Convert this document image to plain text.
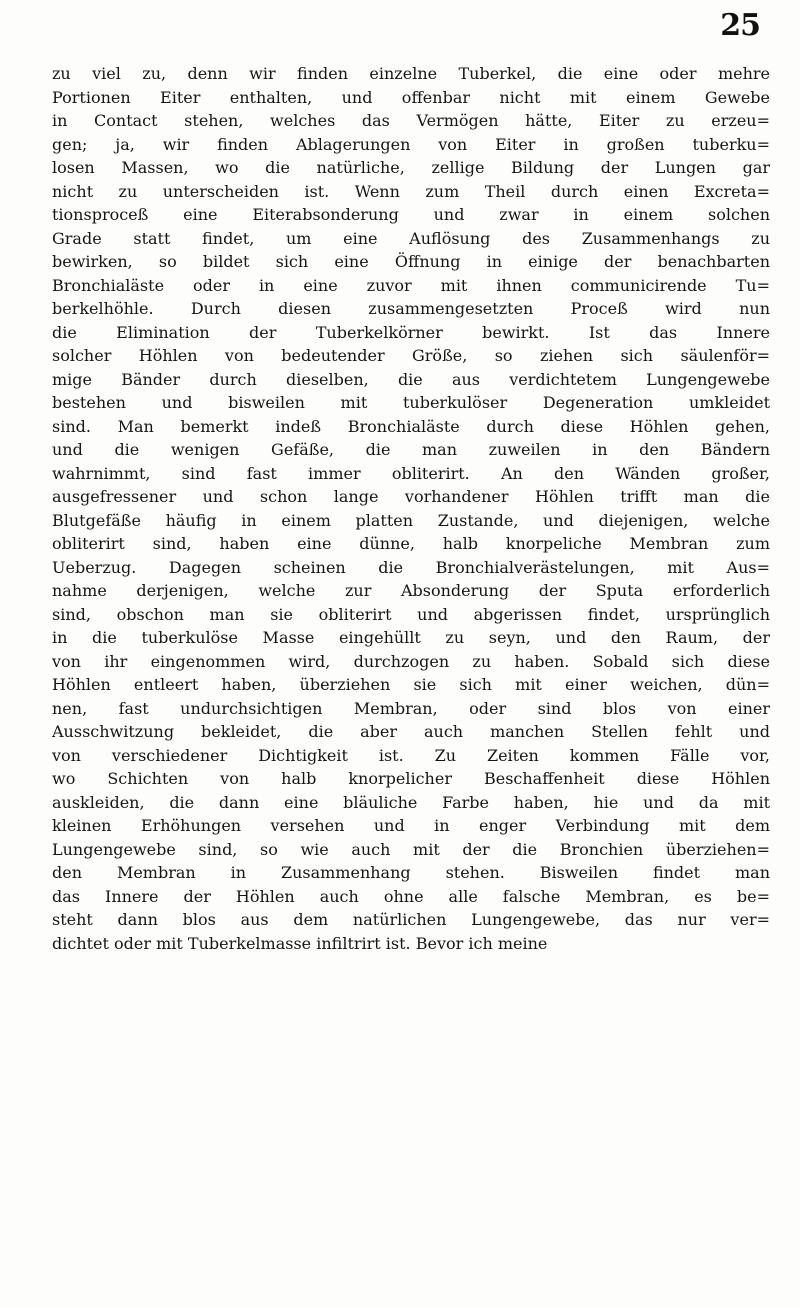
25
zu viel zu, denn wir finden einzelne Tuberkel, die eine oder mehre
Portionen Eiter enthalten, und offenbar nicht mit einem Gewebe
in Contact stehen, welches das Vermögen hätte, Eiter zu erzeu=
gen; ja, wir finden Ablagerungen von Eiter in großen tuberku=
losen Massen, wo die natürliche, zellige Bildung der Lungen gar
nicht zu unterscheiden ist. Wenn zum Theil durch einen Excreta=
tionsproceß eine Eiterabsonderung und zwar in einem solchen
Grade statt findet, um eine Auflösung des Zusammenhangs zu
bewirken, so bildet sich eine Öffnung in einige der benachbarten
Bronchialäste oder in eine zuvor mit ihnen communicirende Tu=
berkelhöhle. Durch diesen zusammengesetzten Proceß wird nun
die Elimination der Tuberkelkörner bewirkt. Ist das Innere
solcher Höhlen von bedeutender Größe, so ziehen sich säulenför=
mige Bänder durch dieselben, die aus verdichtetem Lungengewebe
bestehen und bisweilen mit tuberkulöser Degeneration umkleidet
sind. Man bemerkt indeß Bronchialäste durch diese Höhlen gehen,
und die wenigen Gefäße, die man zuweilen in den Bändern
wahrnimmt, sind fast immer obliterirt. An den Wänden großer,
ausgefressener und schon lange vorhandener Höhlen trifft man die
Blutgefäße häufig in einem platten Zustande, und diejenigen, welche
obliterirt sind, haben eine dünne, halb knorpeliche Membran zum
Ueberzug. Dagegen scheinen die Bronchialverästelungen, mit Aus=
nahme derjenigen, welche zur Absonderung der Sputa erforderlich
sind, obschon man sie obliterirt und abgerissen findet, ursprünglich
in die tuberkulöse Masse eingehüllt zu seyn, und den Raum, der
von ihr eingenommen wird, durchzogen zu haben. Sobald sich diese
Höhlen entleert haben, überziehen sie sich mit einer weichen, dün=
nen, fast undurchsichtigen Membran, oder sind blos von einer
Ausschwitzung bekleidet, die aber auch manchen Stellen fehlt und
von verschiedener Dichtigkeit ist. Zu Zeiten kommen Fälle vor,
wo Schichten von halb knorpelicher Beschaffenheit diese Höhlen
auskleiden, die dann eine bläuliche Farbe haben, hie und da mit
kleinen Erhöhungen versehen und in enger Verbindung mit dem
Lungengewebe sind, so wie auch mit der die Bronchien überziehen=
den Membran in Zusammenhang stehen. Bisweilen findet man
das Innere der Höhlen auch ohne alle falsche Membran, es be=
steht dann blos aus dem natürlichen Lungengewebe, das nur ver=
dichtet oder mit Tuberkelmasse infiltrirt ist. Bevor ich meine
